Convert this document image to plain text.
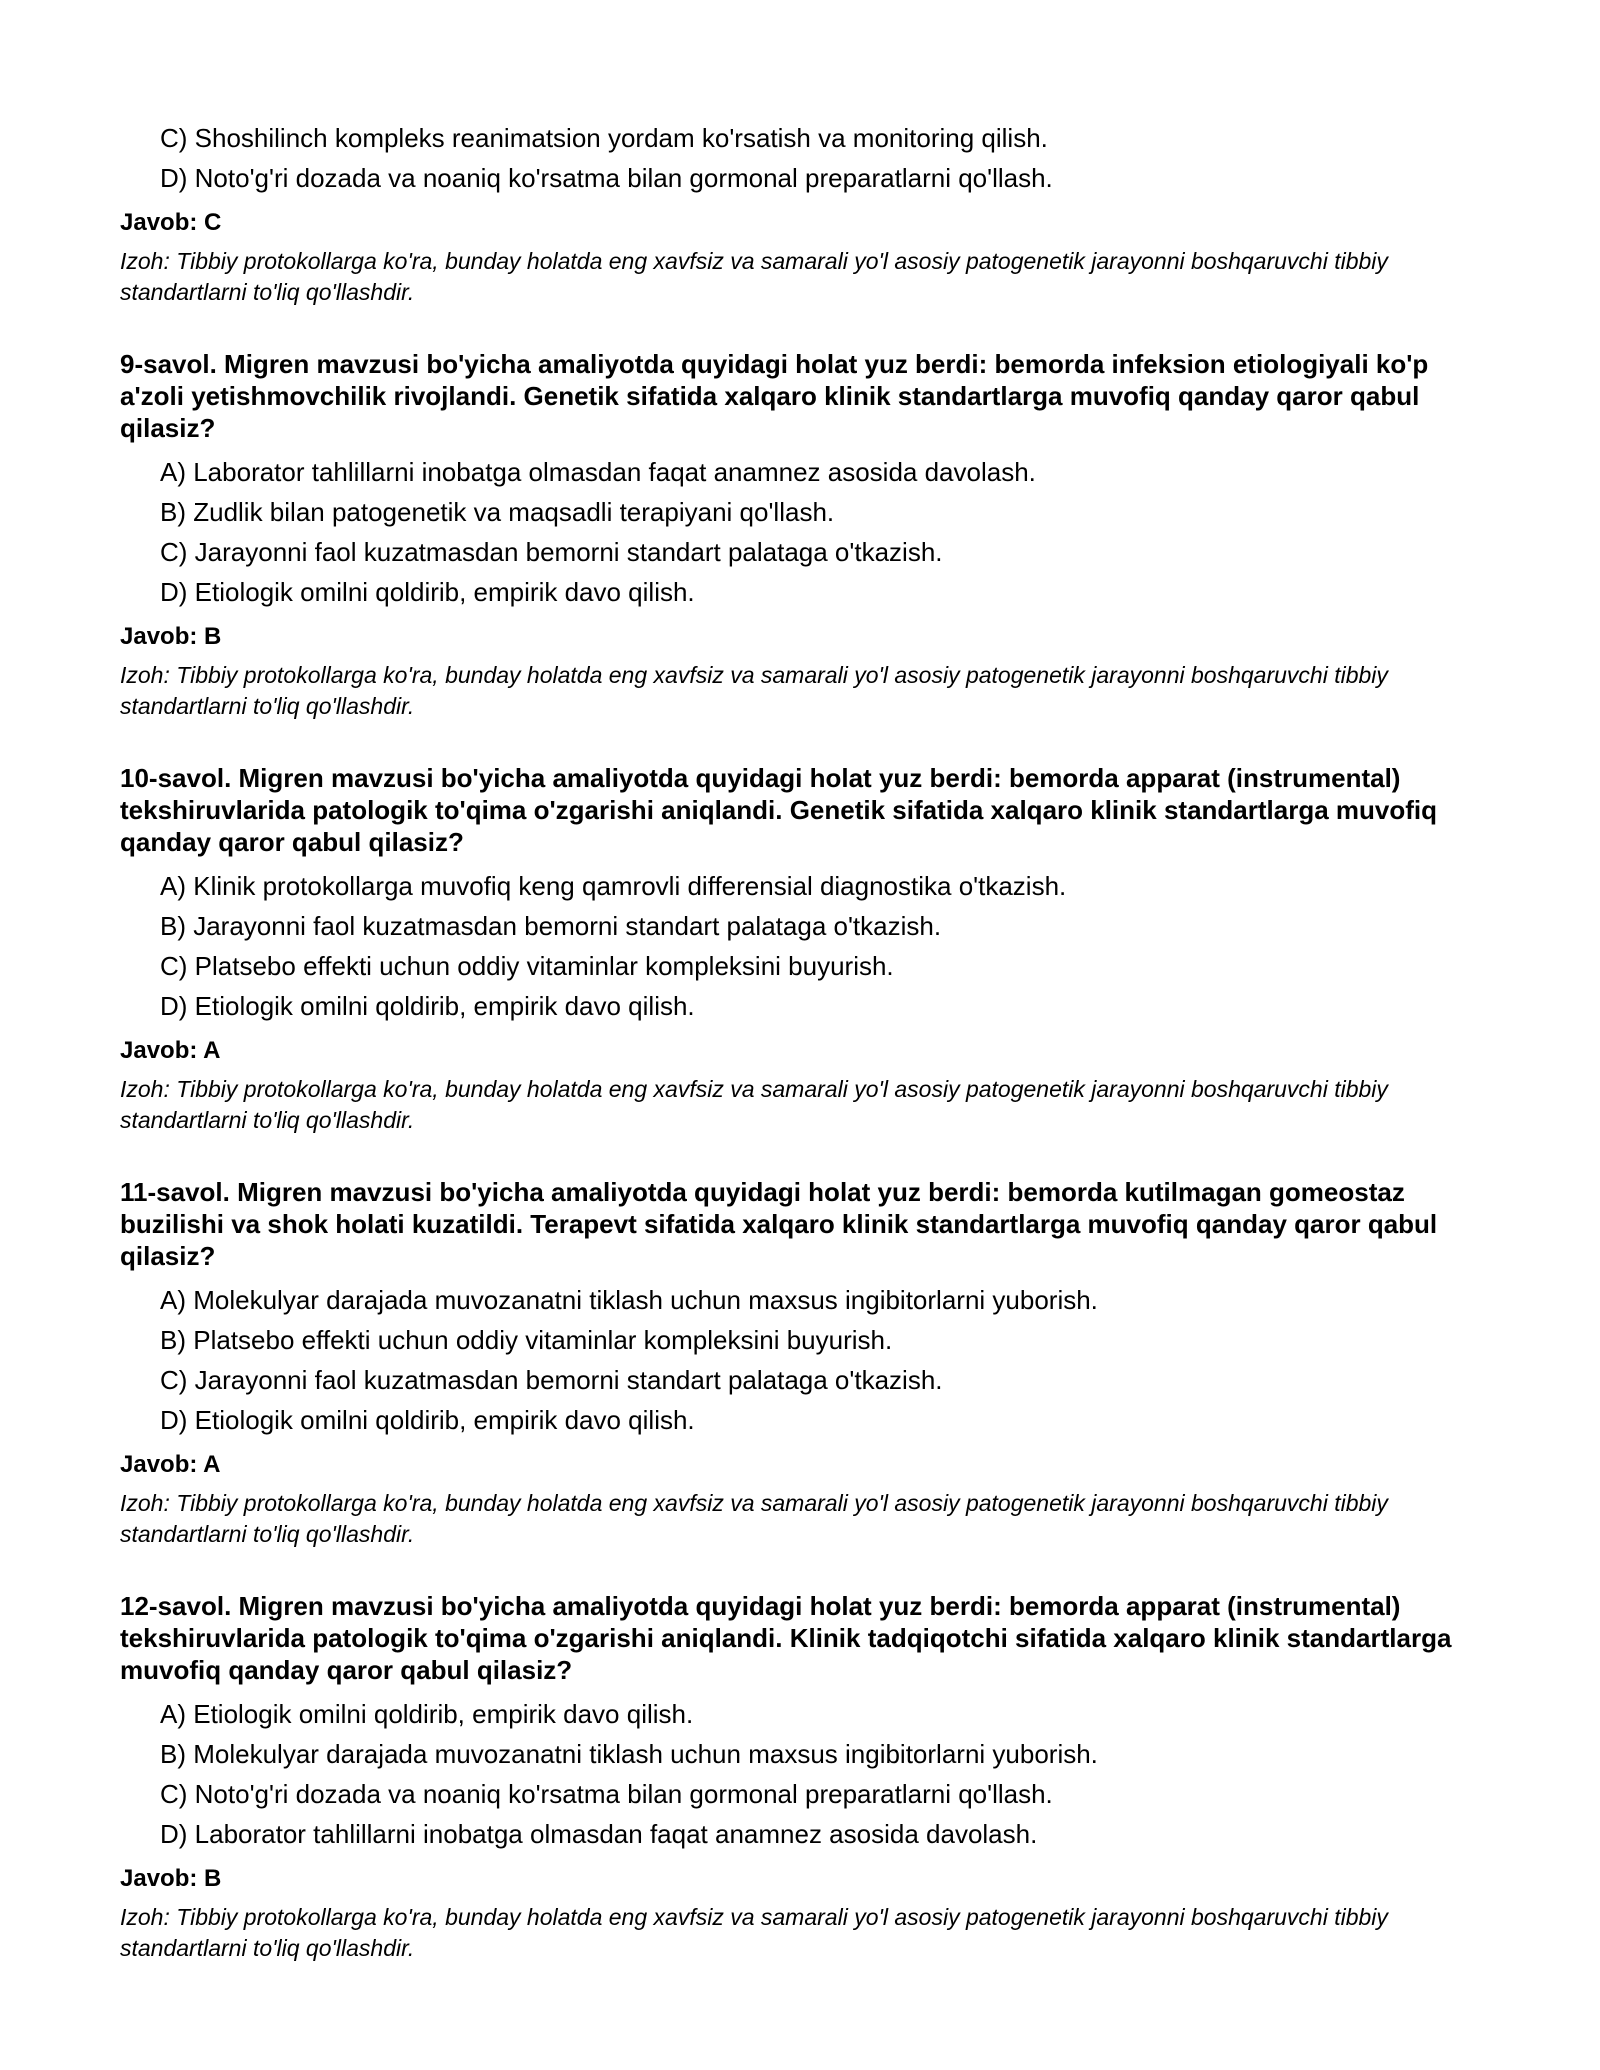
C) Shoshilinch kompleks reanimatsion yordam ko'rsatish va monitoring qilish.
D) Noto'g'ri dozada va noaniq ko'rsatma bilan gormonal preparatlarni qo'llash.
Javob: C
Izoh: Tibbiy protokollarga ko'ra, bunday holatda eng xavfsiz va samarali yo'l asosiy patogenetik jarayonni boshqaruvchi tibbiy standartlarni to'liq qo'llashdir.
9-savol. Migren mavzusi bo'yicha amaliyotda quyidagi holat yuz berdi: bemorda infeksion etiologiyali ko'p a'zoli yetishmovchilik rivojlandi. Genetik sifatida xalqaro klinik standartlarga muvofiq qanday qaror qabul qilasiz?
A) Laborator tahlillarni inobatga olmasdan faqat anamnez asosida davolash.
B) Zudlik bilan patogenetik va maqsadli terapiyani qo'llash.
C) Jarayonni faol kuzatmasdan bemorni standart palataga o'tkazish.
D) Etiologik omilni qoldirib, empirik davo qilish.
Javob: B
Izoh: Tibbiy protokollarga ko'ra, bunday holatda eng xavfsiz va samarali yo'l asosiy patogenetik jarayonni boshqaruvchi tibbiy standartlarni to'liq qo'llashdir.
10-savol. Migren mavzusi bo'yicha amaliyotda quyidagi holat yuz berdi: bemorda apparat (instrumental) tekshiruvlarida patologik to'qima o'zgarishi aniqlandi. Genetik sifatida xalqaro klinik standartlarga muvofiq qanday qaror qabul qilasiz?
A) Klinik protokollarga muvofiq keng qamrovli differensial diagnostika o'tkazish.
B) Jarayonni faol kuzatmasdan bemorni standart palataga o'tkazish.
C) Platsebo effekti uchun oddiy vitaminlar kompleksini buyurish.
D) Etiologik omilni qoldirib, empirik davo qilish.
Javob: A
Izoh: Tibbiy protokollarga ko'ra, bunday holatda eng xavfsiz va samarali yo'l asosiy patogenetik jarayonni boshqaruvchi tibbiy standartlarni to'liq qo'llashdir.
11-savol. Migren mavzusi bo'yicha amaliyotda quyidagi holat yuz berdi: bemorda kutilmagan gomeostaz buzilishi va shok holati kuzatildi. Terapevt sifatida xalqaro klinik standartlarga muvofiq qanday qaror qabul qilasiz?
A) Molekulyar darajada muvozanatni tiklash uchun maxsus ingibitorlarni yuborish.
B) Platsebo effekti uchun oddiy vitaminlar kompleksini buyurish.
C) Jarayonni faol kuzatmasdan bemorni standart palataga o'tkazish.
D) Etiologik omilni qoldirib, empirik davo qilish.
Javob: A
Izoh: Tibbiy protokollarga ko'ra, bunday holatda eng xavfsiz va samarali yo'l asosiy patogenetik jarayonni boshqaruvchi tibbiy standartlarni to'liq qo'llashdir.
12-savol. Migren mavzusi bo'yicha amaliyotda quyidagi holat yuz berdi: bemorda apparat (instrumental) tekshiruvlarida patologik to'qima o'zgarishi aniqlandi. Klinik tadqiqotchi sifatida xalqaro klinik standartlarga muvofiq qanday qaror qabul qilasiz?
A) Etiologik omilni qoldirib, empirik davo qilish.
B) Molekulyar darajada muvozanatni tiklash uchun maxsus ingibitorlarni yuborish.
C) Noto'g'ri dozada va noaniq ko'rsatma bilan gormonal preparatlarni qo'llash.
D) Laborator tahlillarni inobatga olmasdan faqat anamnez asosida davolash.
Javob: B
Izoh: Tibbiy protokollarga ko'ra, bunday holatda eng xavfsiz va samarali yo'l asosiy patogenetik jarayonni boshqaruvchi tibbiy standartlarni to'liq qo'llashdir.
